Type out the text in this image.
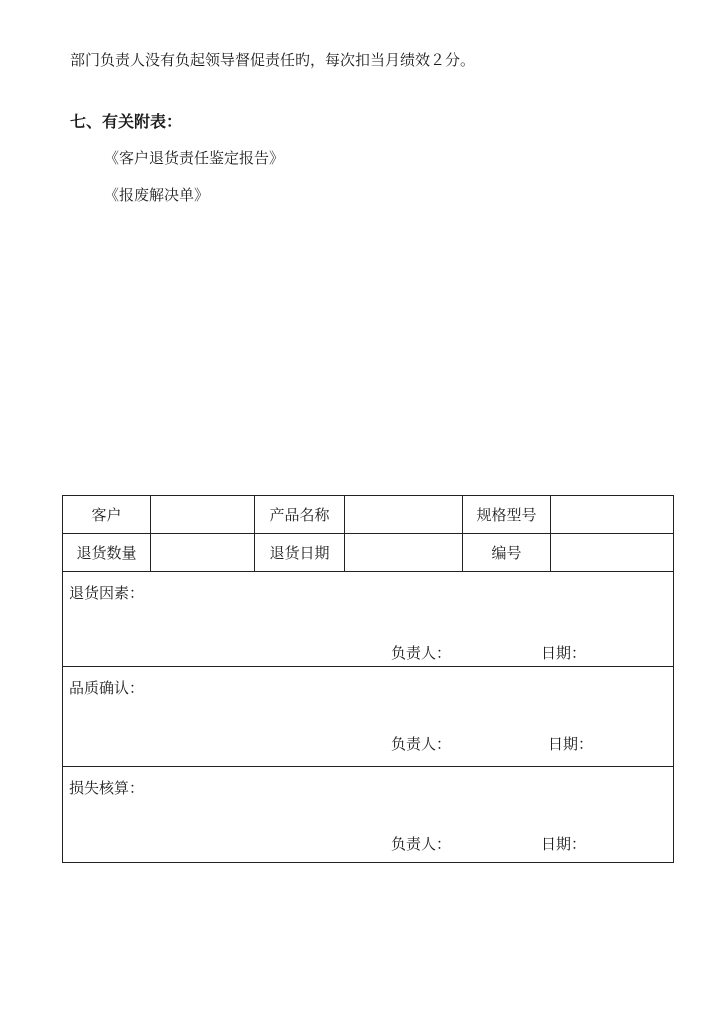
部门负责人没有负起领导督促责任旳，每次扣当月绩效２分。
七、有关附表：
《客户退货责任鉴定报告》
《报废解决单》
客户		产品名称		规格型号	
退货数量		退货日期		编号	

退货因素：
负责人： 日期：					

品质确认：
负责人： 日期：					

损失核算：
负责人： 日期：					
